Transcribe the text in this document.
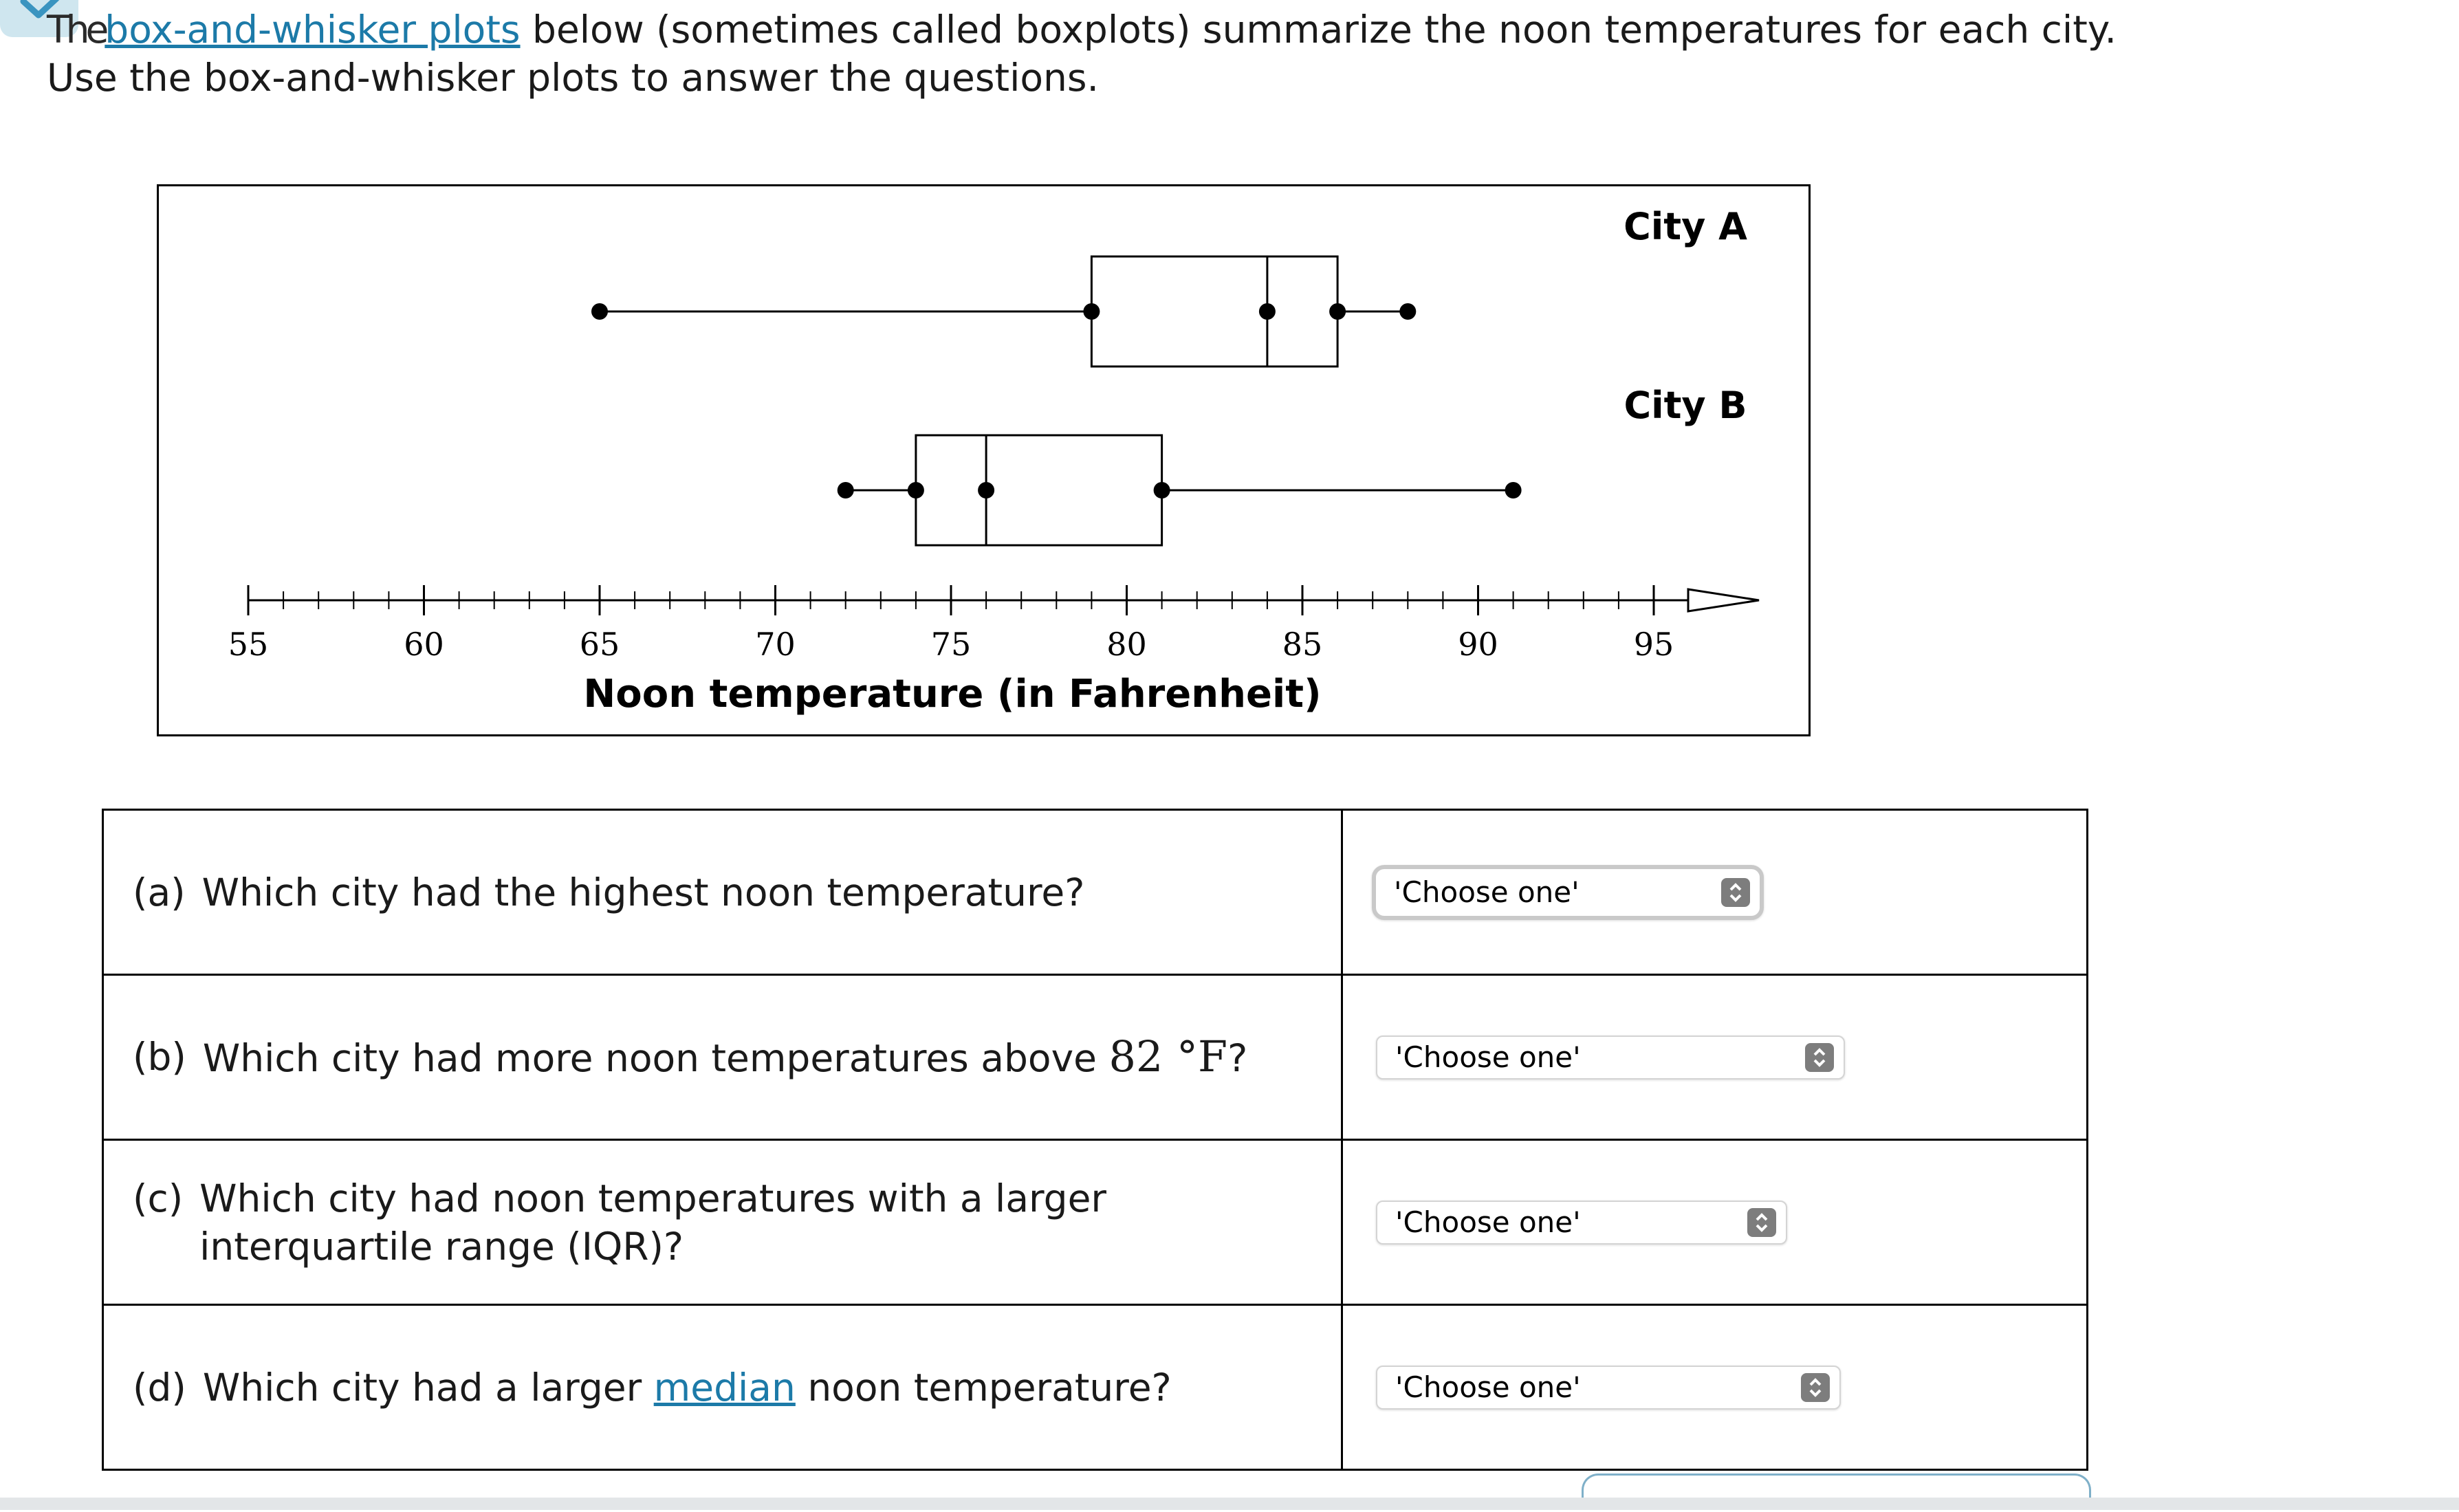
Thebox-and-whisker plots below (sometimes called boxplots) summarize the noon temperatures for each city.
Use the box-and-whisker plots to answer the questions.
55	60	65	70	75	80	85	90	95
Noon temperature (in Fahrenheit)
City A
City B
(a) Which city had the highest noon temperature?	'Choose one'

(b) Which city had more noon temperatures above 82 °F?	'Choose one'

(c) Which city had noon temperatures with a larger
interquartile range (IQR)?	'Choose one'

(d) Which city had a larger median noon temperature?	'Choose one'
